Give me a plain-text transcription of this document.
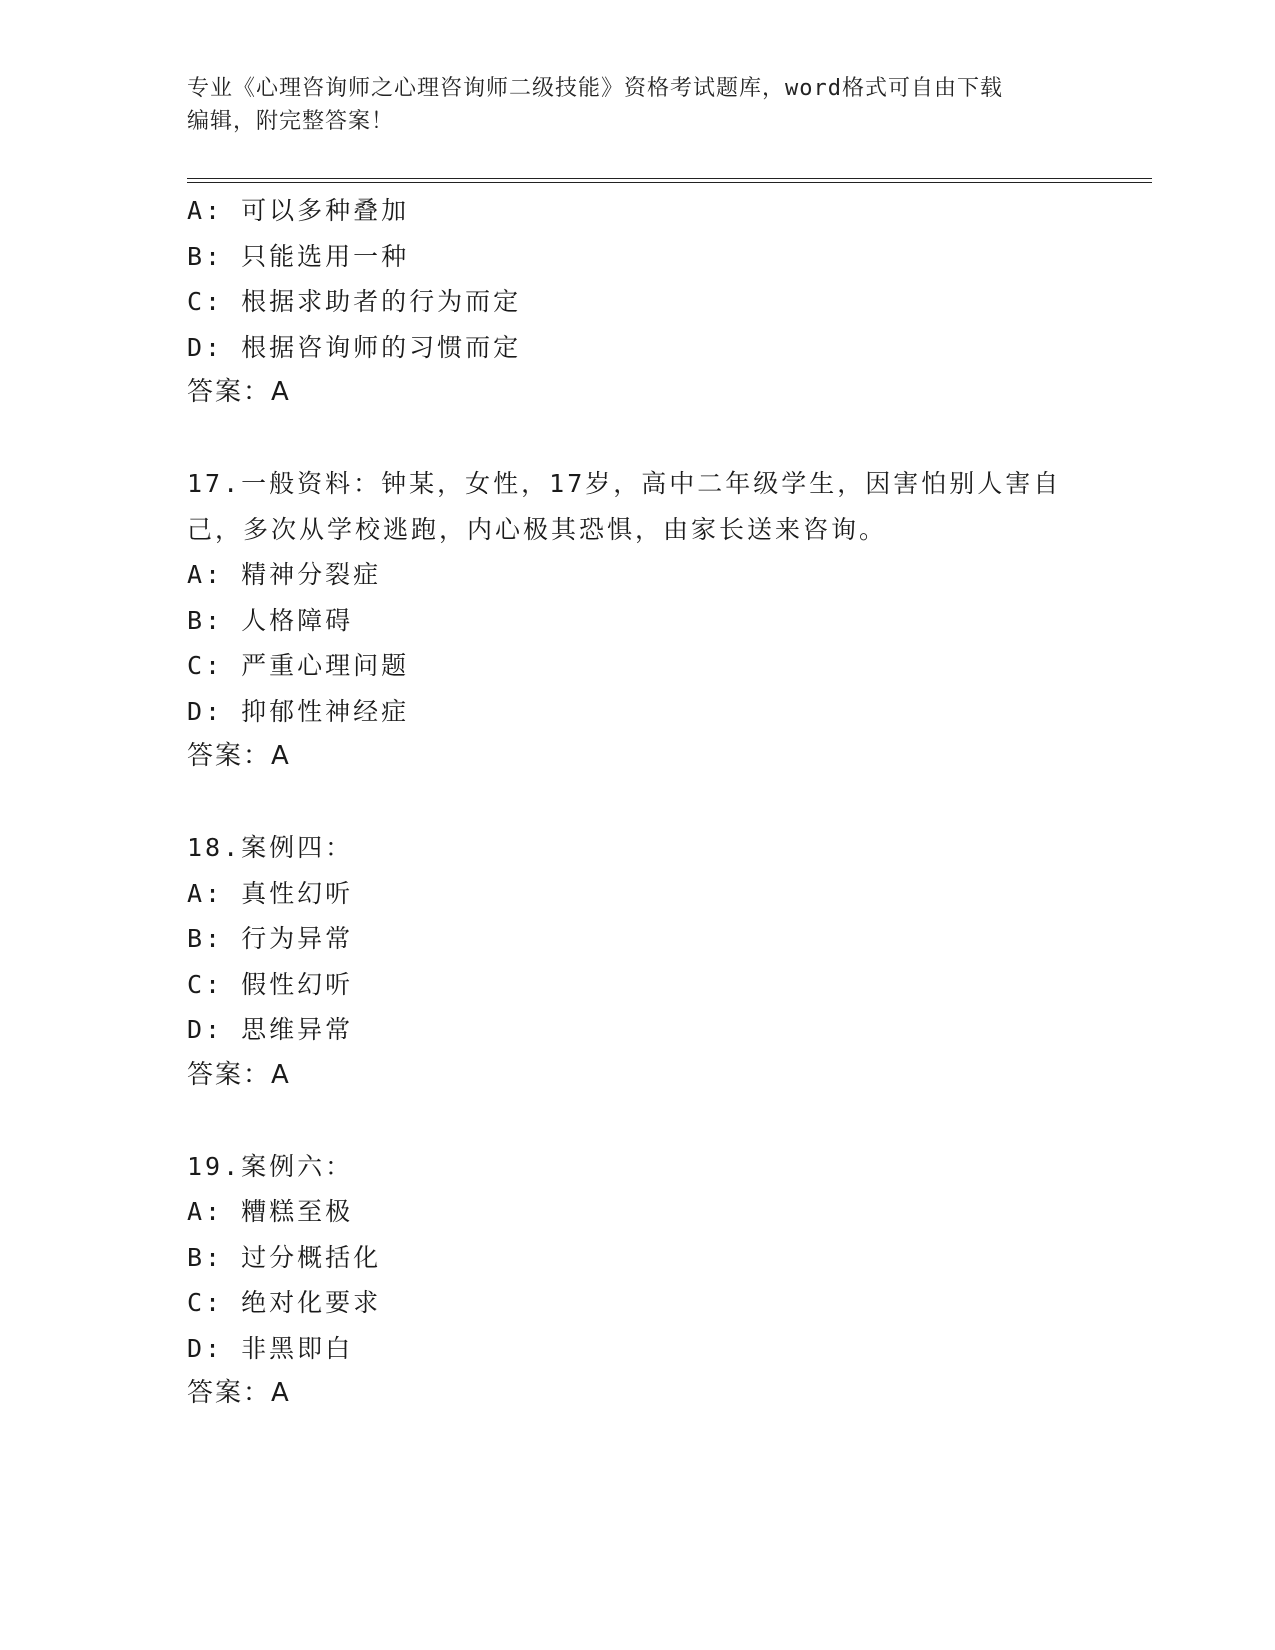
专业《心理咨询师之心理咨询师二级技能》资格考试题库，word格式可自由下载
编辑，附完整答案！
A: 可以多种叠加
B: 只能选用一种
C: 根据求助者的行为而定
D: 根据咨询师的习惯而定
答案：A
17.一般资料：钟某，女性，17岁，高中二年级学生，因害怕别人害自
己，多次从学校逃跑，内心极其恐惧，由家长送来咨询。
A: 精神分裂症
B: 人格障碍
C: 严重心理问题
D: 抑郁性神经症
答案：A
18.案例四：
A: 真性幻听
B: 行为异常
C: 假性幻听
D: 思维异常
答案：A
19.案例六：
A: 糟糕至极
B: 过分概括化
C: 绝对化要求
D: 非黑即白
答案：A
